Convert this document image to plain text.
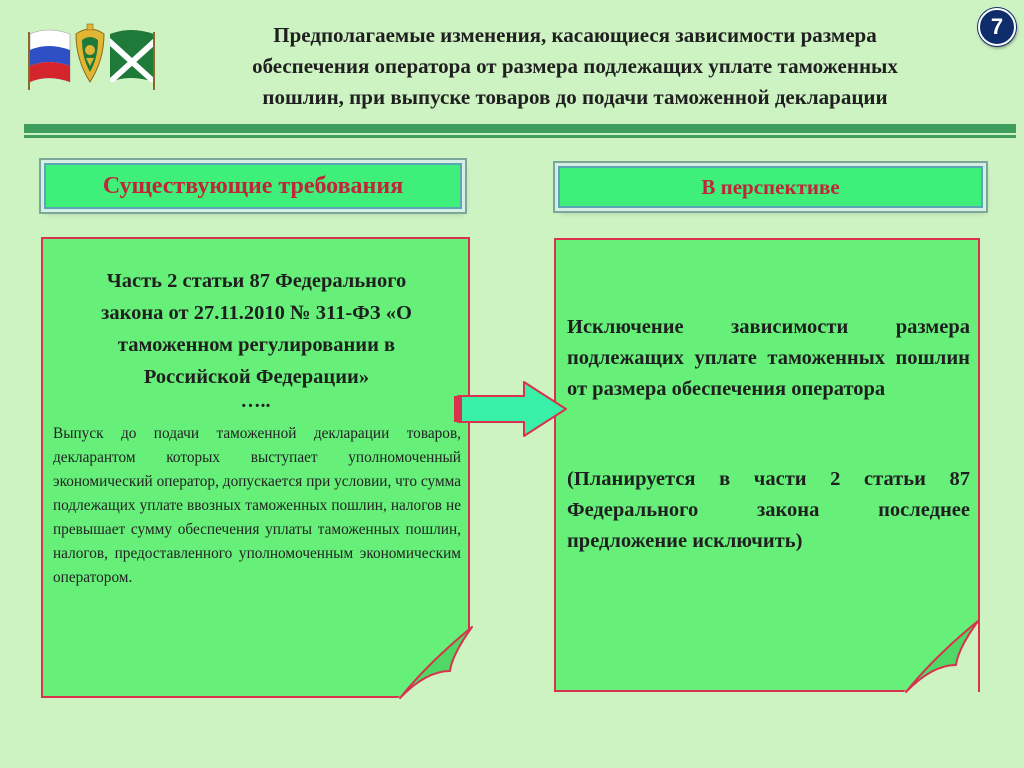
Предполагаемые изменения, касающиеся зависимости размера
обеспечения оператора от размера подлежащих уплате таможенных
пошлин, при выпуске товаров до подачи таможенной декларации
7
Существующие требования	В перспективе
Часть 2 статьи 87 Федерального
закона от 27.11.2010 № 311-ФЗ «О
таможенном регулировании в
Российской Федерации»
…..
Выпуск до подачи таможенной декларации товаров, декларантом которых выступает уполномоченный экономический оператор, допускается при условии, что сумма подлежащих уплате ввозных таможенных пошлин, налогов не превышает сумму обеспечения уплаты таможенных пошлин, налогов, предоставленного уполномоченным экономическим оператором.
Исключение зависимости размера подлежащих уплате таможенных пошлин от размера обеспечения оператора
(Планируется в части 2 статьи 87 Федерального закона последнее предложение исключить)
